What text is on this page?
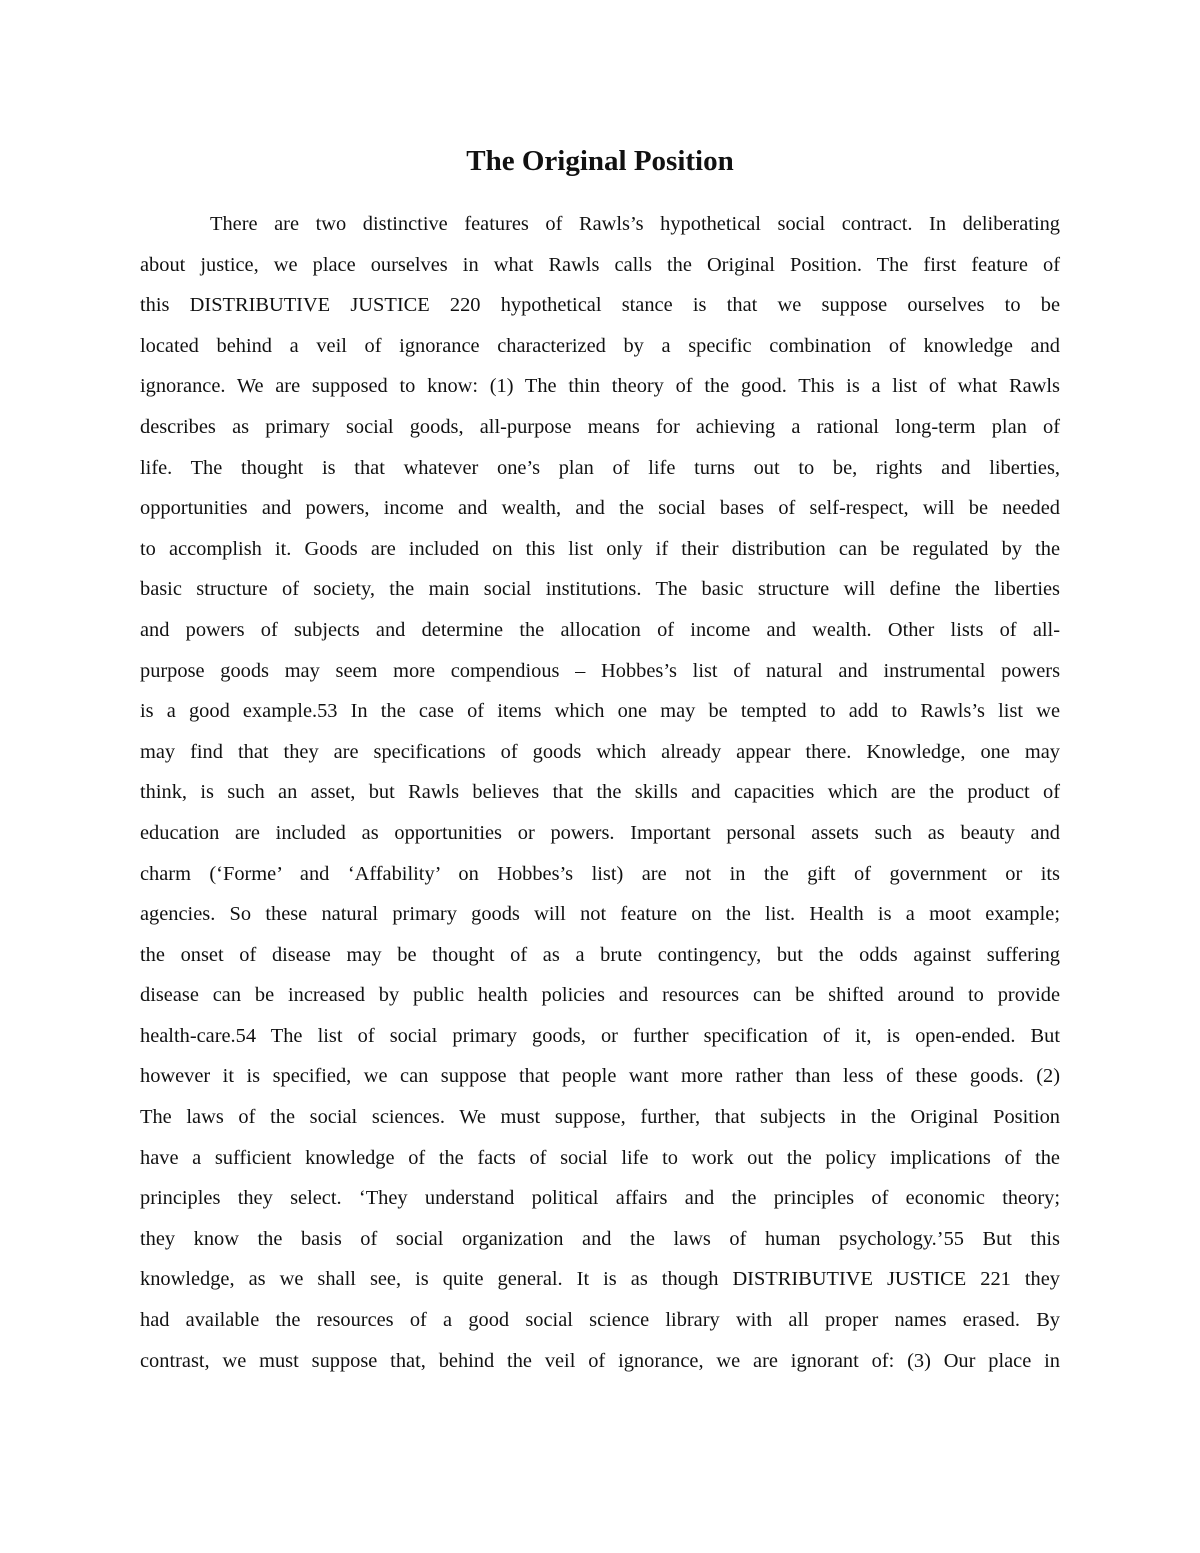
The Original Position
There are two distinctive features of Rawls’s hypothetical social contract. In deliberating
about justice, we place ourselves in what Rawls calls the Original Position. The first feature of
this DISTRIBUTIVE JUSTICE 220 hypothetical stance is that we suppose ourselves to be
located behind a veil of ignorance characterized by a specific combination of knowledge and
ignorance. We are supposed to know: (1) The thin theory of the good. This is a list of what Rawls
describes as primary social goods, all-purpose means for achieving a rational long-term plan of
life. The thought is that whatever one’s plan of life turns out to be, rights and liberties,
opportunities and powers, income and wealth, and the social bases of self-respect, will be needed
to accomplish it. Goods are included on this list only if their distribution can be regulated by the
basic structure of society, the main social institutions. The basic structure will define the liberties
and powers of subjects and determine the allocation of income and wealth. Other lists of all-
purpose goods may seem more compendious – Hobbes’s list of natural and instrumental powers
is a good example.53 In the case of items which one may be tempted to add to Rawls’s list we
may find that they are specifications of goods which already appear there. Knowledge, one may
think, is such an asset, but Rawls believes that the skills and capacities which are the product of
education are included as opportunities or powers. Important personal assets such as beauty and
charm (‘Forme’ and ‘Affability’ on Hobbes’s list) are not in the gift of government or its
agencies. So these natural primary goods will not feature on the list. Health is a moot example;
the onset of disease may be thought of as a brute contingency, but the odds against suffering
disease can be increased by public health policies and resources can be shifted around to provide
health-care.54 The list of social primary goods, or further specification of it, is open-ended. But
however it is specified, we can suppose that people want more rather than less of these goods. (2)
The laws of the social sciences. We must suppose, further, that subjects in the Original Position
have a sufficient knowledge of the facts of social life to work out the policy implications of the
principles they select. ‘They understand political affairs and the principles of economic theory;
they know the basis of social organization and the laws of human psychology.’55 But this
knowledge, as we shall see, is quite general. It is as though DISTRIBUTIVE JUSTICE 221 they
had available the resources of a good social science library with all proper names erased. By
contrast, we must suppose that, behind the veil of ignorance, we are ignorant of: (3) Our place in
